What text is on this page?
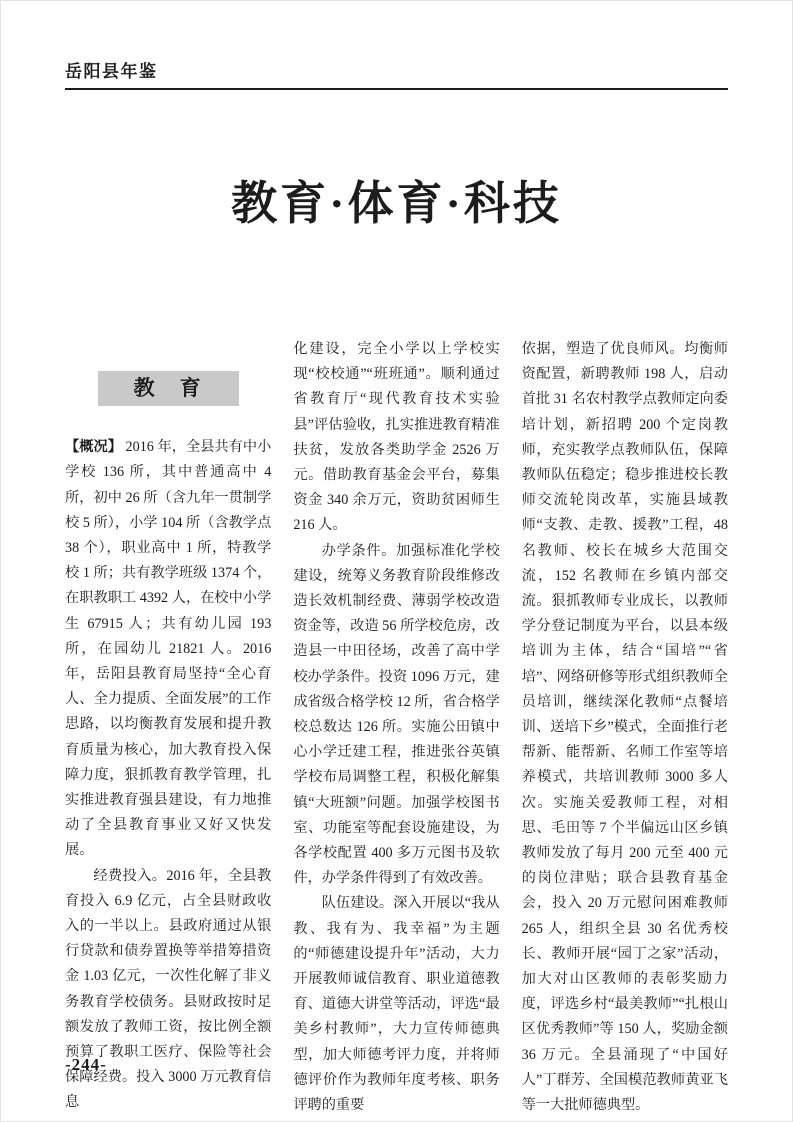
岳阳县年鉴
教育·体育·科技
教　育

【概况】 2016 年，全县共有中小学校 136 所，其中普通高中 4 所，初中 26 所（含九年一贯制学校 5 所），小学 104 所（含教学点 38 个），职业高中 1 所，特教学校 1 所；共有教学班级 1374 个，在职教职工 4392 人，在校中小学生 67915 人；共有幼儿园 193 所，在园幼儿 21821 人。2016 年，岳阳县教育局坚持“全心育人、全力提质、全面发展”的工作思路，以均衡教育发展和提升教育质量为核心，加大教育投入保障力度，狠抓教育教学管理，扎实推进教育强县建设，有力地推动了全县教育事业又好又快发展。

经费投入。2016 年，全县教育投入 6.9 亿元，占全县财政收入的一半以上。县政府通过从银行贷款和债券置换等举措筹措资金 1.03 亿元，一次性化解了非义务教育学校债务。县财政按时足额发放了教师工资，按比例全额预算了教职工医疗、保险等社会保障经费。投入 3000 万元教育信息

化建设，完全小学以上学校实现“校校通”“班班通”。顺利通过省教育厅“现代教育技术实验县”评估验收，扎实推进教育精准扶贫，发放各类助学金 2526 万元。借助教育基金会平台，募集资金 340 余万元，资助贫困师生 216 人。

办学条件。加强标准化学校建设，统筹义务教育阶段维修改造长效机制经费、薄弱学校改造资金等，改造 56 所学校危房，改造县一中田径场，改善了高中学校办学条件。投资 1096 万元，建成省级合格学校 12 所，省合格学校总数达 126 所。实施公田镇中心小学迁建工程，推进张谷英镇学校布局调整工程，积极化解集镇“大班额”问题。加强学校图书室、功能室等配套设施建设，为各学校配置 400 多万元图书及软件，办学条件得到了有效改善。

队伍建设。深入开展以“我从教、我有为、我幸福”为主题的“师德建设提升年”活动，大力开展教师诚信教育、职业道德教育、道德大讲堂等活动，评选“最美乡村教师”，大力宣传师德典型，加大师德考评力度，并将师德评价作为教师年度考核、职务评聘的重要

依据，塑造了优良师风。均衡师资配置，新聘教师 198 人，启动首批 31 名农村教学点教师定向委培计划，新招聘 200 个定岗教师，充实教学点教师队伍，保障教师队伍稳定；稳步推进校长教师交流轮岗改革，实施县域教师“支教、走教、援教”工程，48 名教师、校长在城乡大范围交流，152 名教师在乡镇内部交流。狠抓教师专业成长，以教师学分登记制度为平台，以县本级培训为主体，结合“国培”“省培”、网络研修等形式组织教师全员培训，继续深化教师“点餐培训、送培下乡”模式，全面推行老帮新、能帮新、名师工作室等培养模式，共培训教师 3000 多人次。实施关爱教师工程，对相思、毛田等 7 个半偏远山区乡镇教师发放了每月 200 元至 400 元的岗位津贴；联合县教育基金会，投入 20 万元慰问困难教师 265 人，组织全县 30 名优秀校长、教师开展“园丁之家”活动，加大对山区教师的表彰奖励力度，评选乡村“最美教师”“扎根山区优秀教师”等 150 人，奖励金额 36 万元。全县涌现了“中国好人”丁群芳、全国模范教师黄亚飞等一大批师德典型。

-244-
